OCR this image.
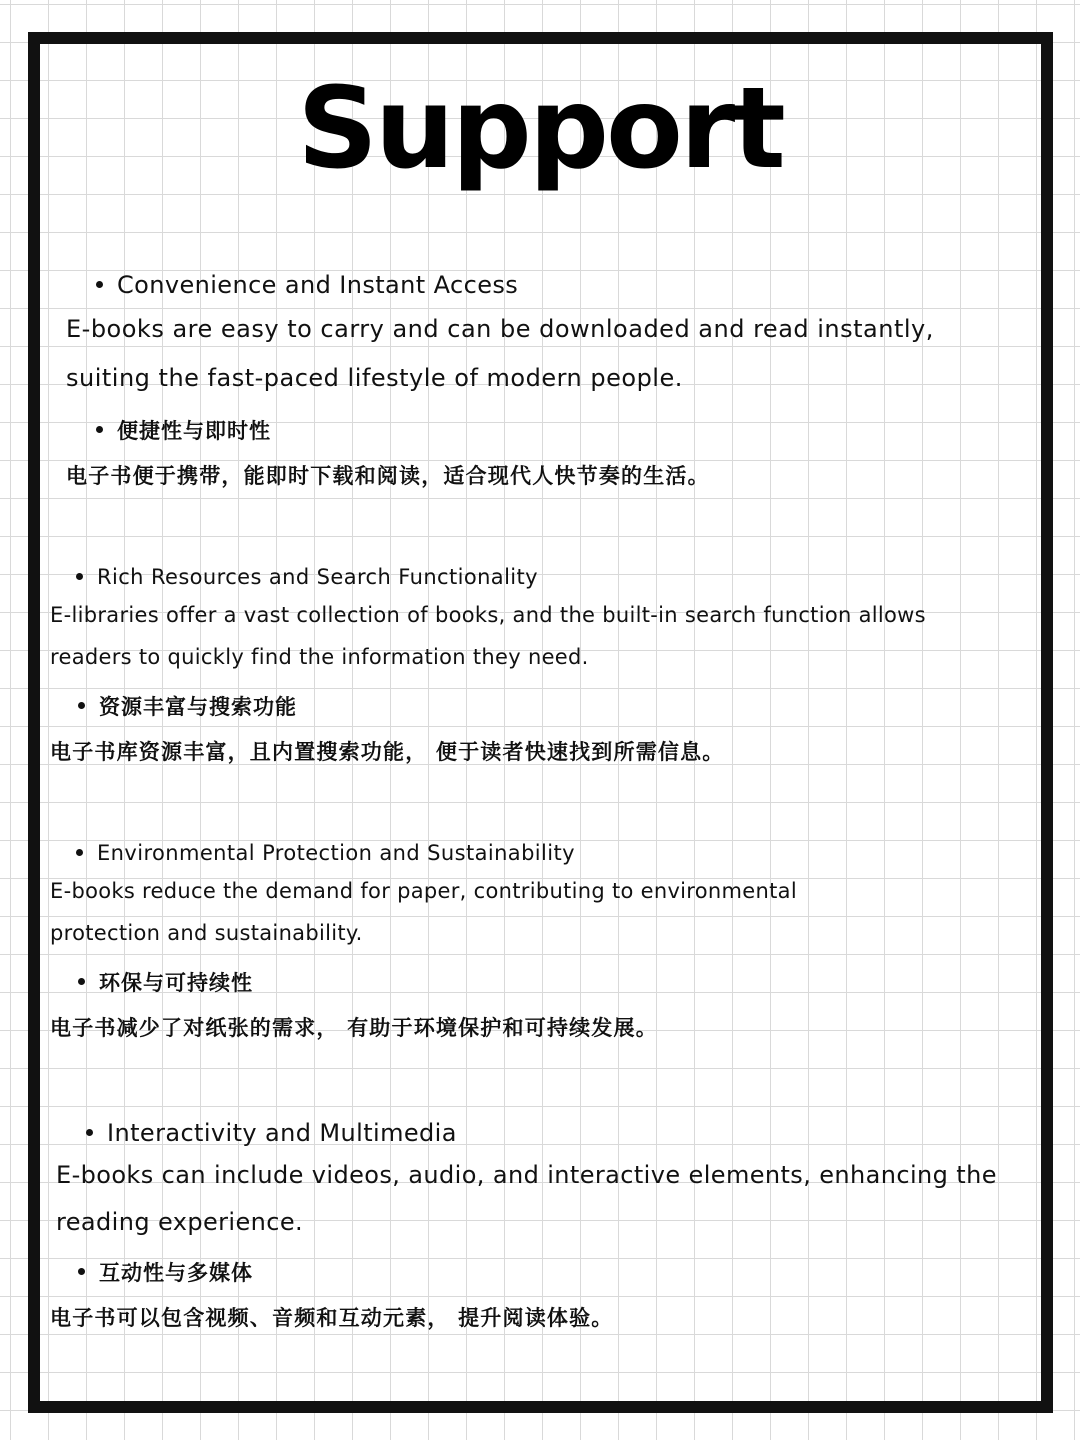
Support

Convenience and Instant Access

E-books are easy to carry and can be downloaded and read instantly,

suiting the fast-paced lifestyle of modern people.

便捷性与即时性

电子书便于携带，能即时下载和阅读，适合现代人快节奏的生活。

Rich Resources and Search Functionality

E-libraries offer a vast collection of books, and the built-in search function allows

readers to quickly find the information they need.

资源丰富与搜索功能

电子书库资源丰富，且内置搜索功能， 便于读者快速找到所需信息。

Environmental Protection and Sustainability

E-books reduce the demand for paper, contributing to environmental

protection and sustainability.

环保与可持续性

电子书减少了对纸张的需求， 有助于环境保护和可持续发展。

Interactivity and Multimedia

E-books can include videos, audio, and interactive elements, enhancing the

reading experience.

互动性与多媒体

电子书可以包含视频、音频和互动元素， 提升阅读体验。
